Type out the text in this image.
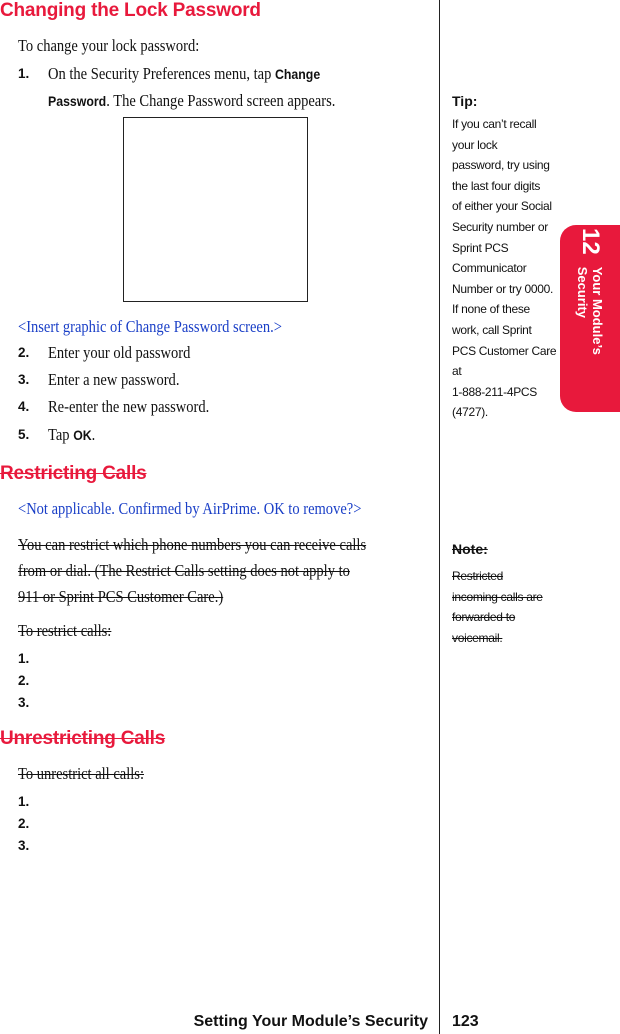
Changing the Lock Password
To change your lock password:
1. On the Security Preferences menu, tap Change
Password. The Change Password screen appears.
<Insert graphic of Change Password screen.>
2. Enter your old password
3. Enter a new password.
4. Re-enter the new password.
5. Tap OK.
Restricting Calls
<Not applicable. Confirmed by AirPrime. OK to remove?>
You can restrict which phone numbers you can receive calls
from or dial. (The Restrict Calls setting does not apply to
911 or Sprint PCS Customer Care.)
To restrict calls:
1.
2.
3.
Unrestricting Calls
To unrestrict all calls:
1.
2.
3.
Tip:
If you can’t recall
your lock
password, try using
the last four digits
of either your Social
Security number or
Sprint PCS
Communicator
Number or try 0000.
If none of these
work, call Sprint
PCS Customer Care
at
1-888-211-4PCS
(4727).
Note:
Restricted
incoming calls are
forwarded to
voicemail.
12
Your Module’s
Security
Setting Your Module’s Security 123
